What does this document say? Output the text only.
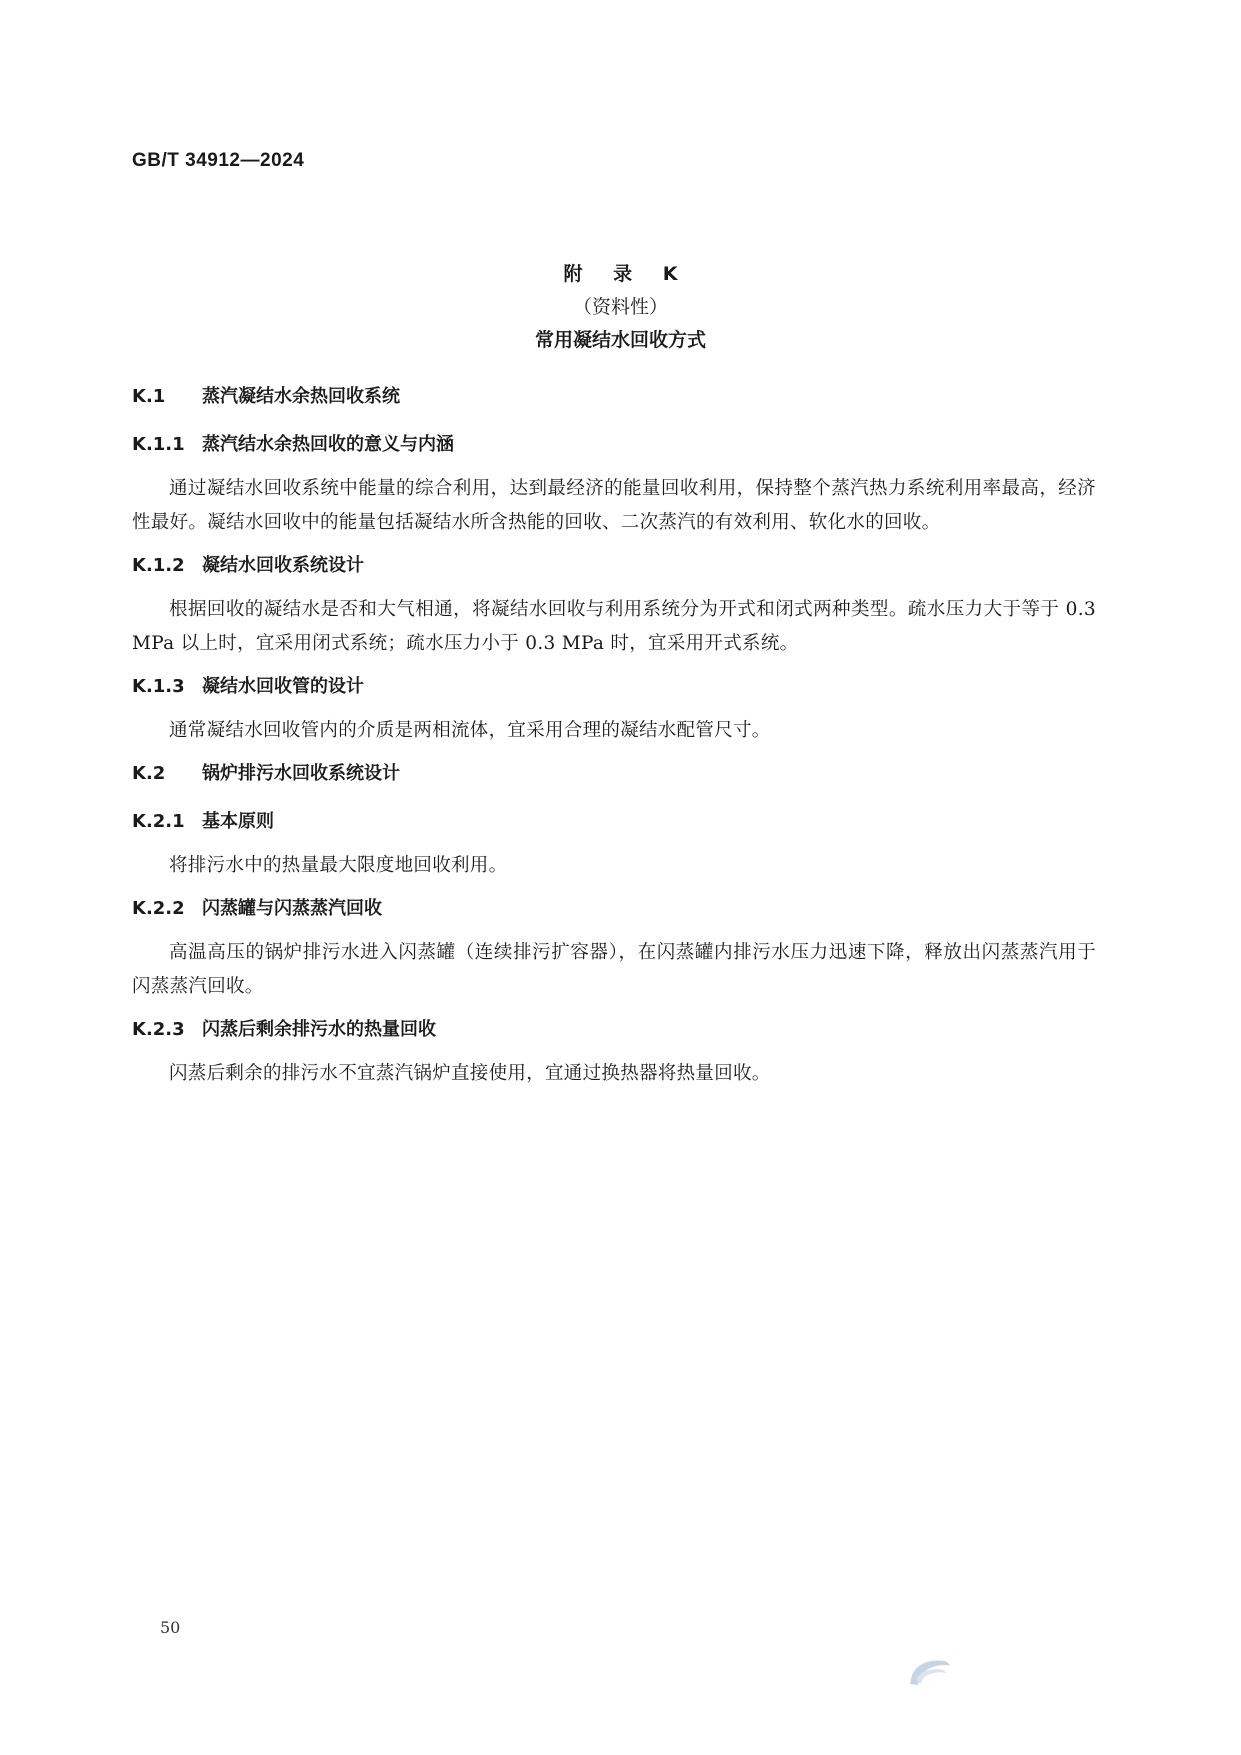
GB/T 34912—2024
附 录 K
（资料性）
常用凝结水回收方式
K.1 蒸汽凝结水余热回收系统
K.1.1 蒸汽结水余热回收的意义与内涵
通过凝结水回收系统中能量的综合利用，达到最经济的能量回收利用，保持整个蒸汽热力系统利用率最高，经济性最好。凝结水回收中的能量包括凝结水所含热能的回收、二次蒸汽的有效利用、软化水的回收。
K.1.2 凝结水回收系统设计
根据回收的凝结水是否和大气相通，将凝结水回收与利用系统分为开式和闭式两种类型。疏水压力大于等于 0.3 MPa 以上时，宜采用闭式系统；疏水压力小于 0.3 MPa 时，宜采用开式系统。
K.1.3 凝结水回收管的设计
通常凝结水回收管内的介质是两相流体，宜采用合理的凝结水配管尺寸。
K.2 锅炉排污水回收系统设计
K.2.1 基本原则
将排污水中的热量最大限度地回收利用。
K.2.2 闪蒸罐与闪蒸蒸汽回收
高温高压的锅炉排污水进入闪蒸罐（连续排污扩容器），在闪蒸罐内排污水压力迅速下降，释放出闪蒸蒸汽用于闪蒸蒸汽回收。
K.2.3 闪蒸后剩余排污水的热量回收
闪蒸后剩余的排污水不宜蒸汽锅炉直接使用，宜通过换热器将热量回收。
50
